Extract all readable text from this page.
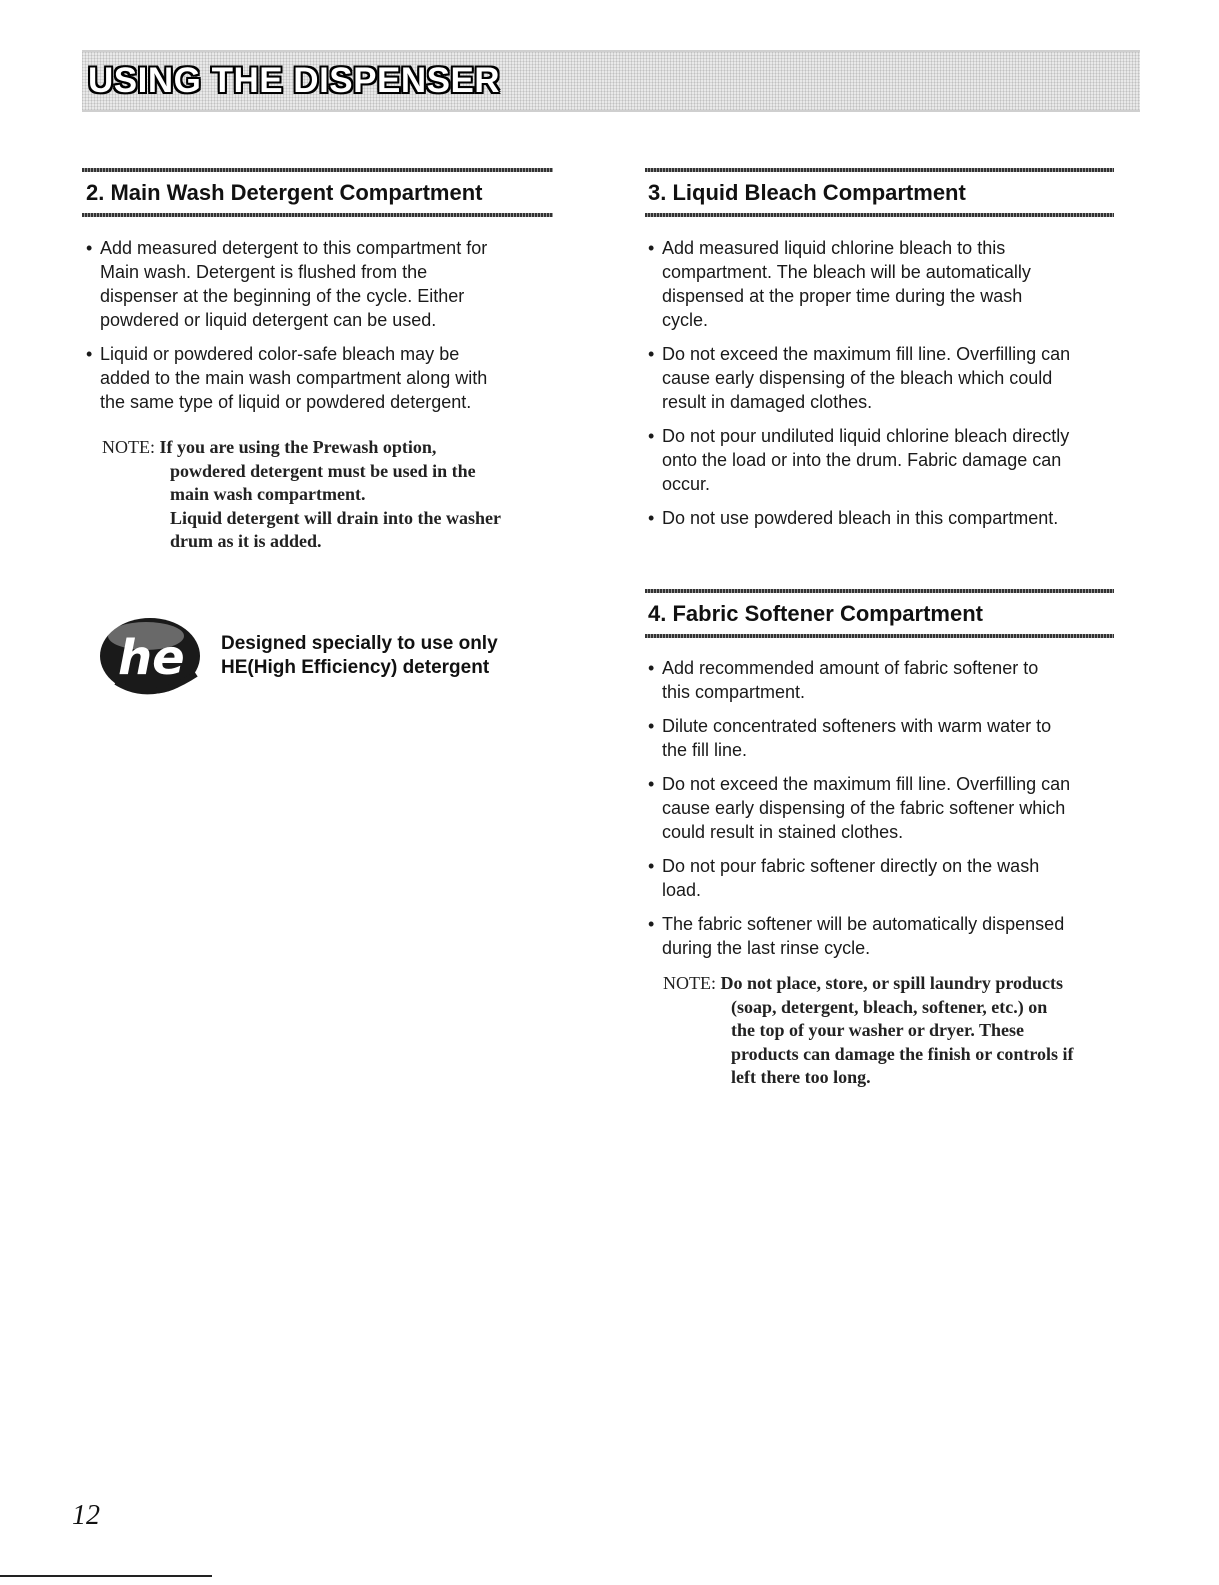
USING THE DISPENSER
2. Main Wash Detergent Compartment
• Add measured detergent to this compartment for
Main wash. Detergent is flushed from the
dispenser at the beginning of the cycle. Either
powdered or liquid detergent can be used.
• Liquid or powdered color-safe bleach may be
added to the main wash compartment along with
the same type of liquid or powdered detergent.
NOTE: If you are using the Prewash option,
powdered detergent must be used in the
main wash compartment.
Liquid detergent will drain into the washer
drum as it is added.
he Designed specially to use only
HE(High Efficiency) detergent

3. Liquid Bleach Compartment
• Add measured liquid chlorine bleach to this
compartment. The bleach will be automatically
dispensed at the proper time during the wash
cycle.
• Do not exceed the maximum fill line. Overfilling can
cause early dispensing of the bleach which could
result in damaged clothes.
• Do not pour undiluted liquid chlorine bleach directly
onto the load or into the drum. Fabric damage can
occur.
• Do not use powdered bleach in this compartment.
4. Fabric Softener Compartment
• Add recommended amount of fabric softener to
this compartment.
• Dilute concentrated softeners with warm water to
the fill line.
• Do not exceed the maximum fill line. Overfilling can
cause early dispensing of the fabric softener which
could result in stained clothes.
• Do not pour fabric softener directly on the wash
load.
• The fabric softener will be automatically dispensed
during the last rinse cycle.
NOTE: Do not place, store, or spill laundry products
(soap, detergent, bleach, softener, etc.) on
the top of your washer or dryer. These
products can damage the finish or controls if
left there too long.
12
